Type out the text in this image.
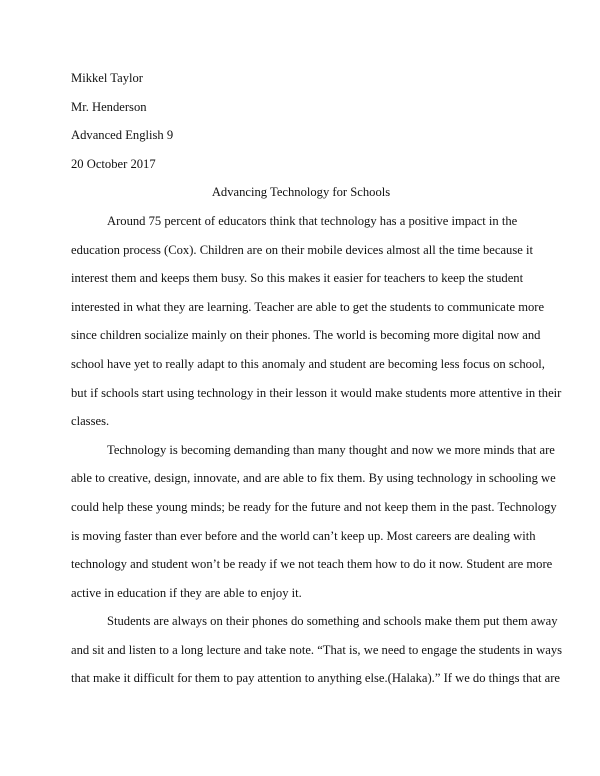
Mikkel Taylor

Mr. Henderson

Advanced English 9

20 October 2017

Advancing Technology for Schools

Around 75 percent of educators think that technology has a positive impact in the
education process (Cox). Children are on their mobile devices almost all the time because it
interest them and keeps them busy. So this makes it easier for teachers to keep the student
interested in what they are learning. Teacher are able to get the students to communicate more
since children socialize mainly on their phones. The world is becoming more digital now and
school have yet to really adapt to this anomaly and student are becoming less focus on school,
but if schools start using technology in their lesson it would make students more attentive in their
classes.

Technology is becoming demanding than many thought and now we more minds that are
able to creative, design, innovate, and are able to fix them. By using technology in schooling we
could help these young minds; be ready for the future and not keep them in the past. Technology
is moving faster than ever before and the world can’t keep up. Most careers are dealing with
technology and student won’t be ready if we not teach them how to do it now. Student are more
active in education if they are able to enjoy it.

Students are always on their phones do something and schools make them put them away
and sit and listen to a long lecture and take note. “That is, we need to engage the students in ways
that make it difficult for them to pay attention to anything else.(Halaka).” If we do things that are
